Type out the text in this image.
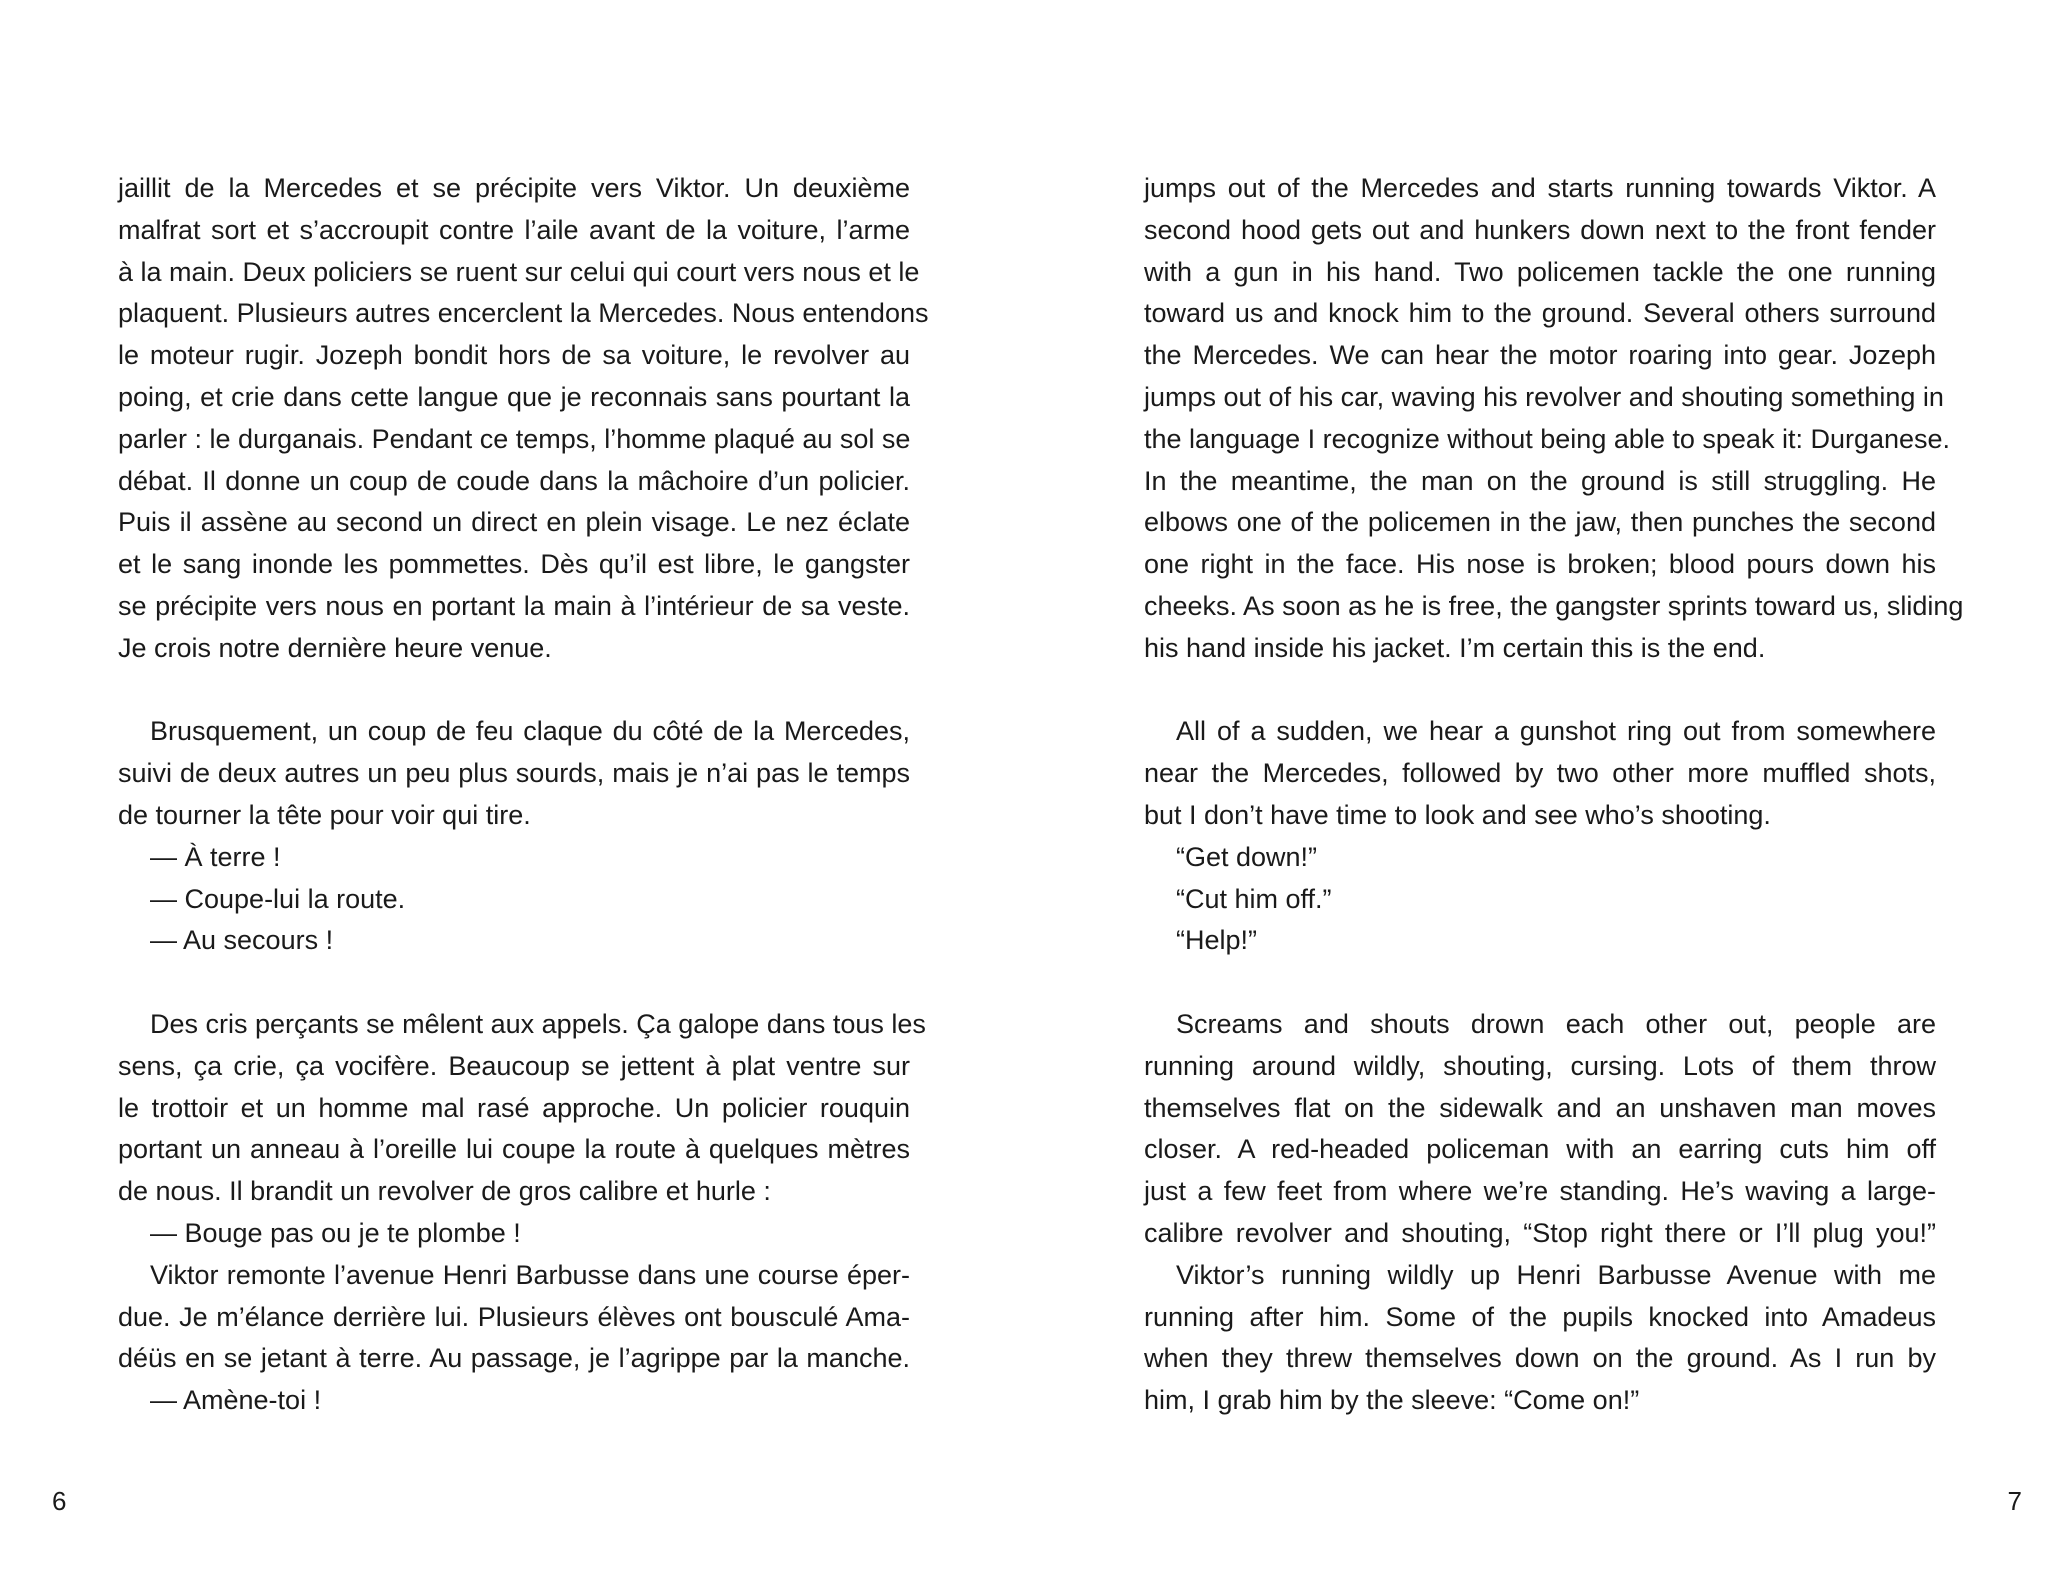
jaillit de la Mercedes et se précipite vers Viktor. Un deuxième
malfrat sort et s’accroupit contre l’aile avant de la voiture, l’arme
à la main. Deux policiers se ruent sur celui qui court vers nous et le
plaquent. Plusieurs autres encerclent la Mercedes. Nous entendons
le moteur rugir. Jozeph bondit hors de sa voiture, le revolver au
poing, et crie dans cette langue que je reconnais sans pourtant la
parler : le durganais. Pendant ce temps, l’homme plaqué au sol se
débat. Il donne un coup de coude dans la mâchoire d’un policier.
Puis il assène au second un direct en plein visage. Le nez éclate
et le sang inonde les pommettes. Dès qu’il est libre, le gangster
se précipite vers nous en portant la main à l’intérieur de sa veste.
Je crois notre dernière heure venue.
Brusquement, un coup de feu claque du côté de la Mercedes,
suivi de deux autres un peu plus sourds, mais je n’ai pas le temps
de tourner la tête pour voir qui tire.
— À terre !
— Coupe-lui la route.
— Au secours !
Des cris perçants se mêlent aux appels. Ça galope dans tous les
sens, ça crie, ça vocifère. Beaucoup se jettent à plat ventre sur
le trottoir et un homme mal rasé approche. Un policier rouquin
portant un anneau à l’oreille lui coupe la route à quelques mètres
de nous. Il brandit un revolver de gros calibre et hurle :
— Bouge pas ou je te plombe !
Viktor remonte l’avenue Henri Barbusse dans une course éper-
due. Je m’élance derrière lui. Plusieurs élèves ont bousculé Ama-
déüs en se jetant à terre. Au passage, je l’agrippe par la manche.
— Amène-toi !
6
jumps out of the Mercedes and starts running towards Viktor. A
second hood gets out and hunkers down next to the front fender
with a gun in his hand. Two policemen tackle the one running
toward us and knock him to the ground. Several others surround
the Mercedes. We can hear the motor roaring into gear. Jozeph
jumps out of his car, waving his revolver and shouting something in
the language I recognize without being able to speak it: Durganese.
In the meantime, the man on the ground is still struggling. He
elbows one of the policemen in the jaw, then punches the second
one right in the face. His nose is broken; blood pours down his
cheeks. As soon as he is free, the gangster sprints toward us, sliding
his hand inside his jacket. I’m certain this is the end.
All of a sudden, we hear a gunshot ring out from somewhere
near the Mercedes, followed by two other more muffled shots,
but I don’t have time to look and see who’s shooting.
“Get down!”
“Cut him off.”
“Help!”
Screams and shouts drown each other out, people are
running around wildly, shouting, cursing. Lots of them throw
themselves flat on the sidewalk and an unshaven man moves
closer. A red-headed policeman with an earring cuts him off
just a few feet from where we’re standing. He’s waving a large-
calibre revolver and shouting, “Stop right there or I’ll plug you!”
Viktor’s running wildly up Henri Barbusse Avenue with me
running after him. Some of the pupils knocked into Amadeus
when they threw themselves down on the ground. As I run by
him, I grab him by the sleeve: “Come on!”
7
